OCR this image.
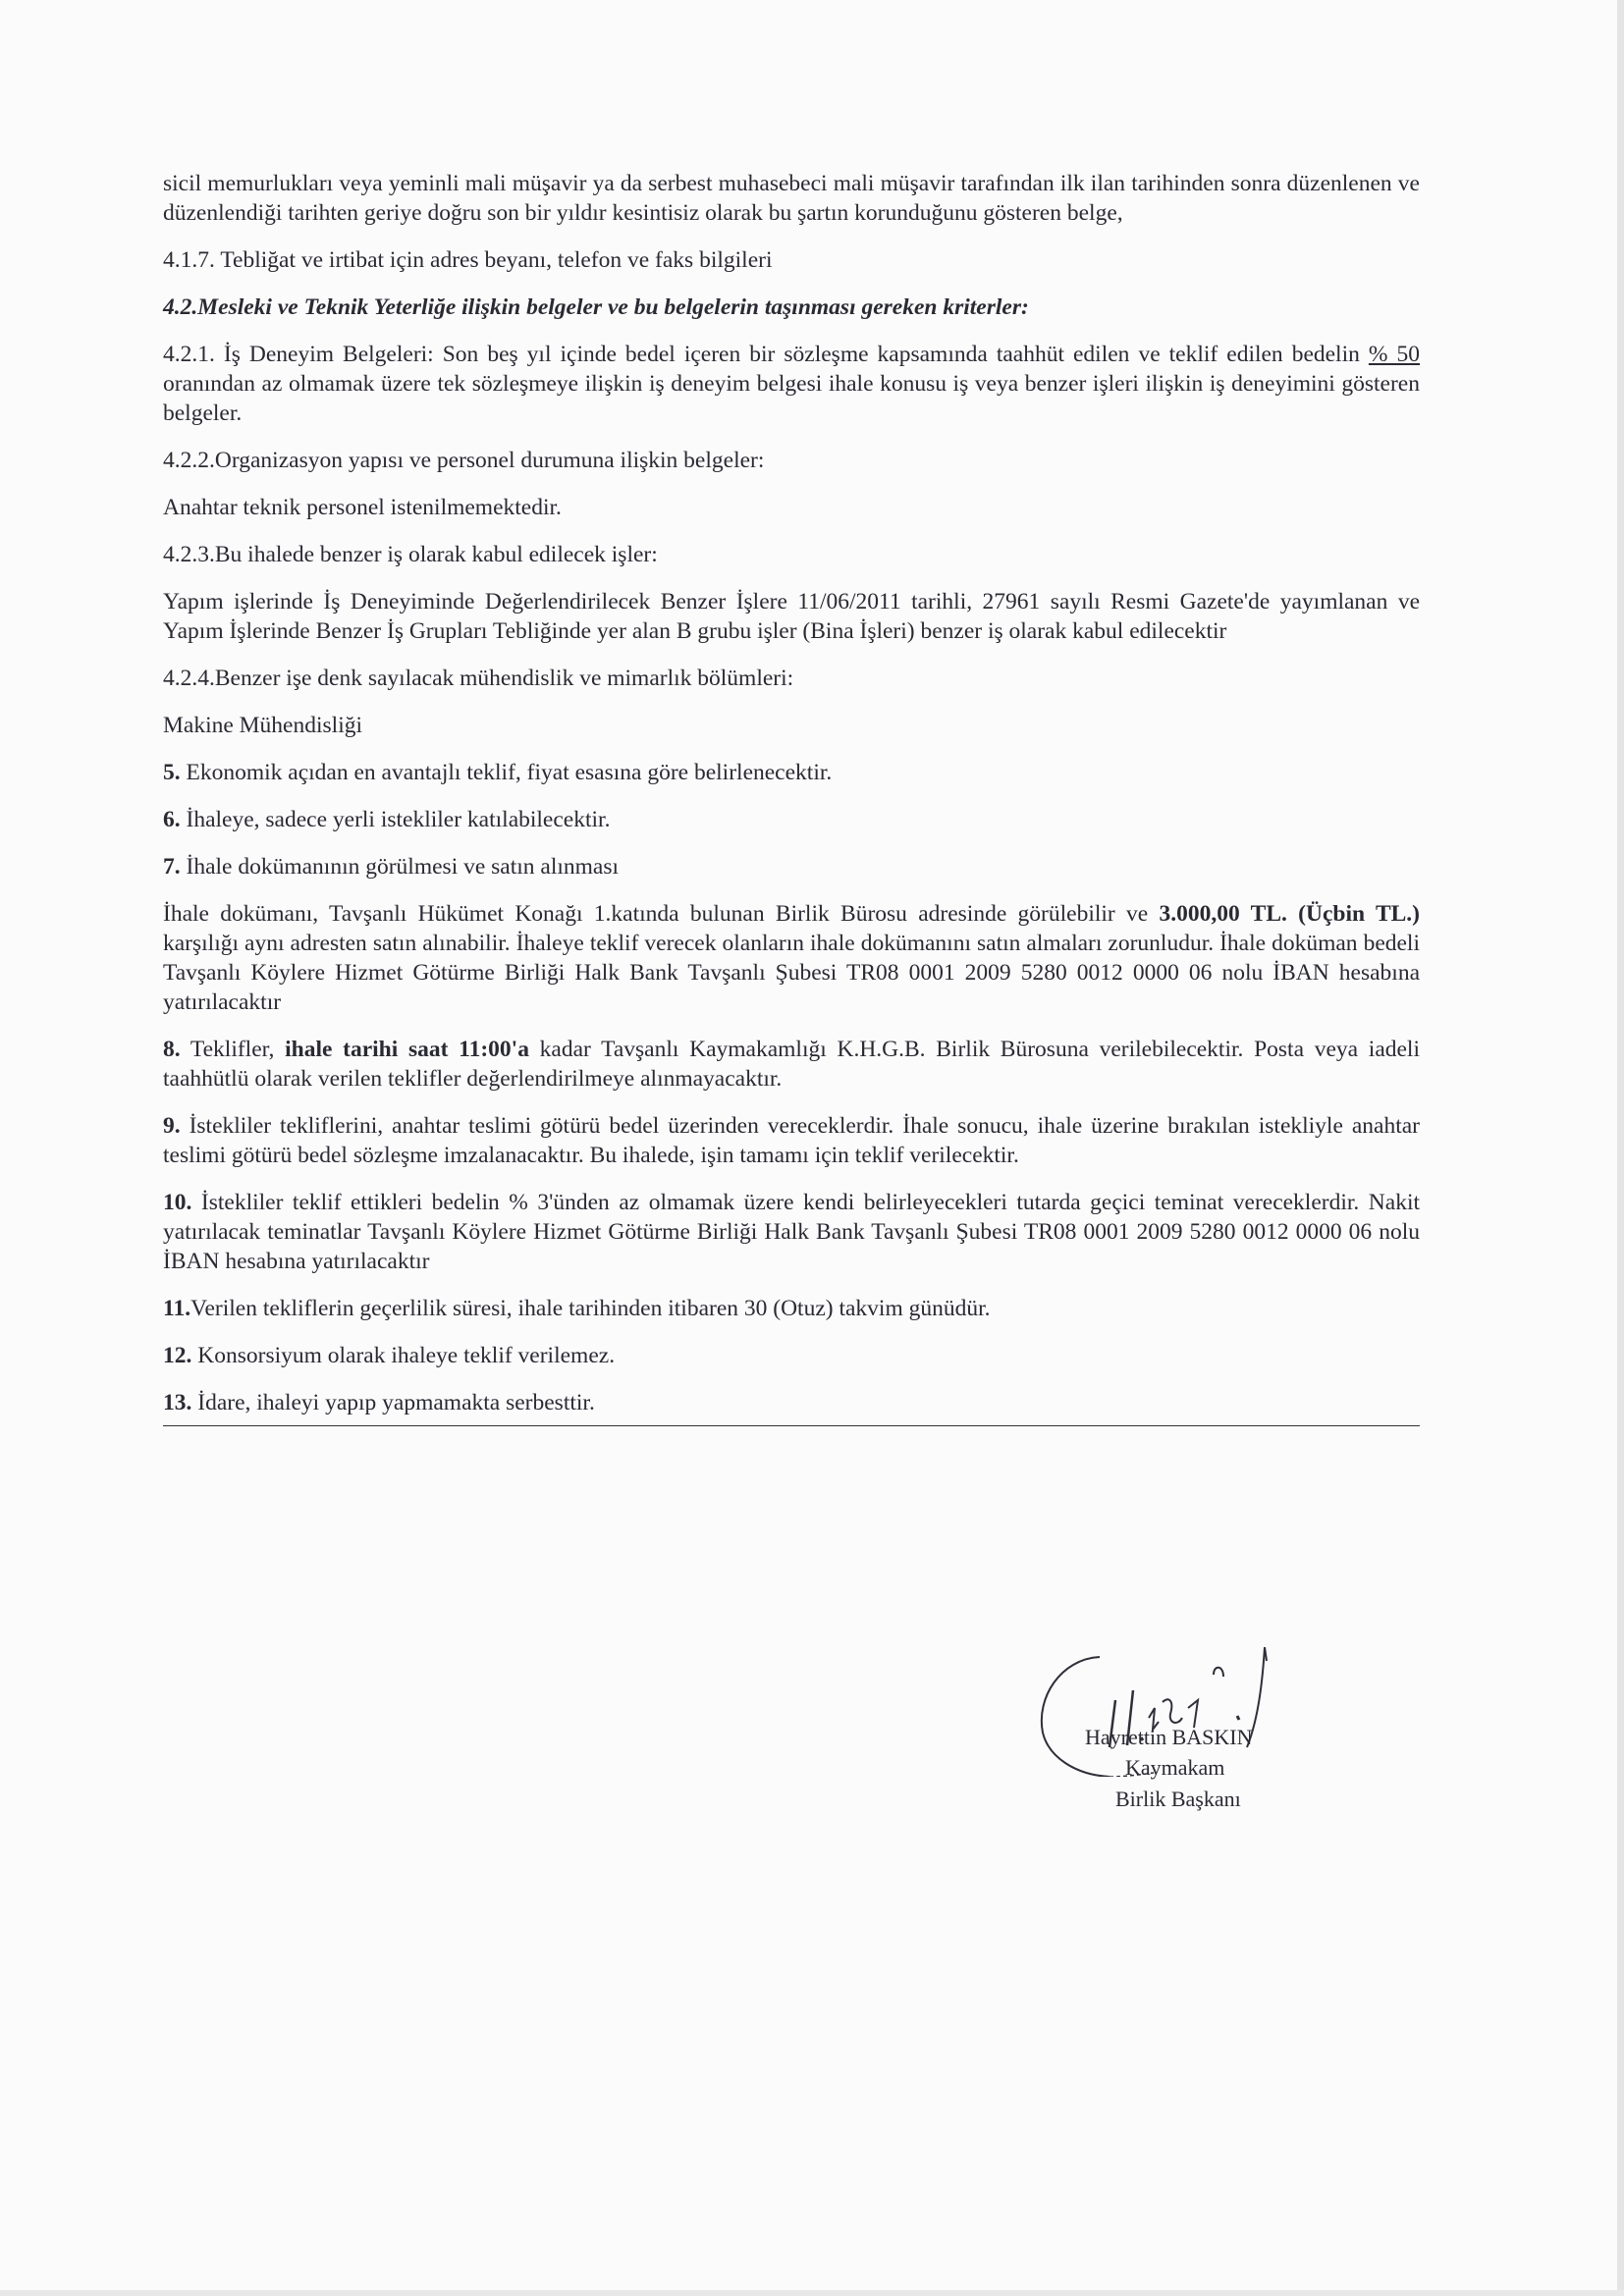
sicil memurlukları veya yeminli mali müşavir ya da serbest muhasebeci mali müşavir tarafından ilk ilan tarihinden sonra düzenlenen ve düzenlendiği tarihten geriye doğru son bir yıldır kesintisiz olarak bu şartın korunduğunu gösteren belge,

4.1.7. Tebliğat ve irtibat için adres beyanı, telefon ve faks bilgileri

4.2.Mesleki ve Teknik Yeterliğe ilişkin belgeler ve bu belgelerin taşınması gereken kriterler:

4.2.1. İş Deneyim Belgeleri: Son beş yıl içinde bedel içeren bir sözleşme kapsamında taahhüt edilen ve teklif edilen bedelin % 50 oranından az olmamak üzere tek sözleşmeye ilişkin iş deneyim belgesi ihale konusu iş veya benzer işleri ilişkin iş deneyimini gösteren belgeler.

4.2.2.Organizasyon yapısı ve personel durumuna ilişkin belgeler:

Anahtar teknik personel istenilmemektedir.

4.2.3.Bu ihalede benzer iş olarak kabul edilecek işler:

Yapım işlerinde İş Deneyiminde Değerlendirilecek Benzer İşlere 11/06/2011 tarihli, 27961 sayılı Resmi Gazete'de yayımlanan ve Yapım İşlerinde Benzer İş Grupları Tebliğinde yer alan B grubu işler (Bina İşleri) benzer iş olarak kabul edilecektir

4.2.4.Benzer işe denk sayılacak mühendislik ve mimarlık bölümleri:

Makine Mühendisliği

5. Ekonomik açıdan en avantajlı teklif, fiyat esasına göre belirlenecektir.

6. İhaleye, sadece yerli istekliler katılabilecektir.

7. İhale dokümanının görülmesi ve satın alınması

İhale dokümanı, Tavşanlı Hükümet Konağı 1.katında bulunan Birlik Bürosu adresinde görülebilir ve 3.000,00 TL. (Üçbin TL.) karşılığı aynı adresten satın alınabilir. İhaleye teklif verecek olanların ihale dokümanını satın almaları zorunludur. İhale doküman bedeli Tavşanlı Köylere Hizmet Götürme Birliği Halk Bank Tavşanlı Şubesi TR08 0001 2009 5280 0012 0000 06 nolu İBAN hesabına yatırılacaktır

8. Teklifler, ihale tarihi saat 11:00'a kadar Tavşanlı Kaymakamlığı K.H.G.B. Birlik Bürosuna verilebilecektir. Posta veya iadeli taahhütlü olarak verilen teklifler değerlendirilmeye alınmayacaktır.

9. İstekliler tekliflerini, anahtar teslimi götürü bedel üzerinden vereceklerdir. İhale sonucu, ihale üzerine bırakılan istekliyle anahtar teslimi götürü bedel sözleşme imzalanacaktır. Bu ihalede, işin tamamı için teklif verilecektir.

10. İstekliler teklif ettikleri bedelin % 3'ünden az olmamak üzere kendi belirleyecekleri tutarda geçici teminat vereceklerdir. Nakit yatırılacak teminatlar Tavşanlı Köylere Hizmet Götürme Birliği Halk Bank Tavşanlı Şubesi TR08 0001 2009 5280 0012 0000 06 nolu İBAN hesabına yatırılacaktır

11.Verilen tekliflerin geçerlilik süresi, ihale tarihinden itibaren 30 (Otuz) takvim günüdür.

12. Konsorsiyum olarak ihaleye teklif verilemez.

13. İdare, ihaleyi yapıp yapmamakta serbesttir.

Hayrettin BASKIN
Kaymakam
Birlik Başkanı
